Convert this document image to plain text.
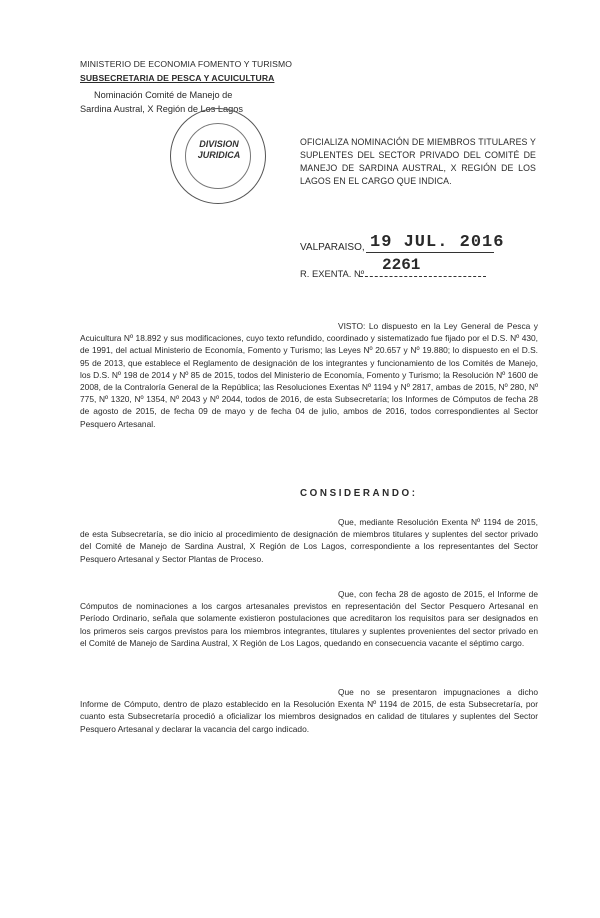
MINISTERIO DE ECONOMIA FOMENTO Y TURISMO
SUBSECRETARIA DE PESCA Y ACUICULTURA
Nominación Comité de Manejo de
Sardina Austral, X Región de Los Lagos
DIVISION
JURIDICA
OFICIALIZA NOMINACIÓN DE MIEMBROS TITULARES Y SUPLENTES DEL SECTOR PRIVADO DEL COMITÉ DE MANEJO DE SARDINA AUSTRAL, X REGIÓN DE LOS LAGOS EN EL CARGO QUE INDICA.
VALPARAISO, 19 JUL. 2016
R. EXENTA. Nº 2261
VISTO: Lo dispuesto en la Ley General de Pesca y Acuicultura Nº 18.892 y sus modificaciones, cuyo texto refundido, coordinado y sistematizado fue fijado por el D.S. Nº 430, de 1991, del actual Ministerio de Economía, Fomento y Turismo; las Leyes Nº 20.657 y Nº 19.880; lo dispuesto en el D.S. 95 de 2013, que establece el Reglamento de designación de los integrantes y funcionamiento de los Comités de Manejo, los D.S. Nº 198 de 2014 y Nº 85 de 2015, todos del Ministerio de Economía, Fomento y Turismo; la Resolución Nº 1600 de 2008, de la Contraloría General de la República; las Resoluciones Exentas Nº 1194 y Nº 2817, ambas de 2015, Nº 280, Nº 775, Nº 1320, Nº 1354, Nº 2043 y Nº 2044, todos de 2016, de esta Subsecretaría; los Informes de Cómputos de fecha 28 de agosto de 2015, de fecha 09 de mayo y de fecha 04 de julio, ambos de 2016, todos correspondientes al Sector Pesquero Artesanal.
CONSIDERANDO:
Que, mediante Resolución Exenta Nº 1194 de 2015, de esta Subsecretaría, se dio inicio al procedimiento de designación de miembros titulares y suplentes del sector privado del Comité de Manejo de Sardina Austral, X Región de Los Lagos, correspondiente a los representantes del Sector Pesquero Artesanal y Sector Plantas de Proceso.
Que, con fecha 28 de agosto de 2015, el Informe de Cómputos de nominaciones a los cargos artesanales previstos en representación del Sector Pesquero Artesanal en Período Ordinario, señala que solamente existieron postulaciones que acreditaron los requisitos para ser designados en los primeros seis cargos previstos para los miembros integrantes, titulares y suplentes provenientes del sector privado en el Comité de Manejo de Sardina Austral, X Región de Los Lagos, quedando en consecuencia vacante el séptimo cargo.
Que no se presentaron impugnaciones a dicho Informe de Cómputo, dentro de plazo establecido en la Resolución Exenta Nº 1194 de 2015, de esta Subsecretaría, por cuanto esta Subsecretaría procedió a oficializar los miembros designados en calidad de titulares y suplentes del Sector Pesquero Artesanal y declarar la vacancia del cargo indicado.
